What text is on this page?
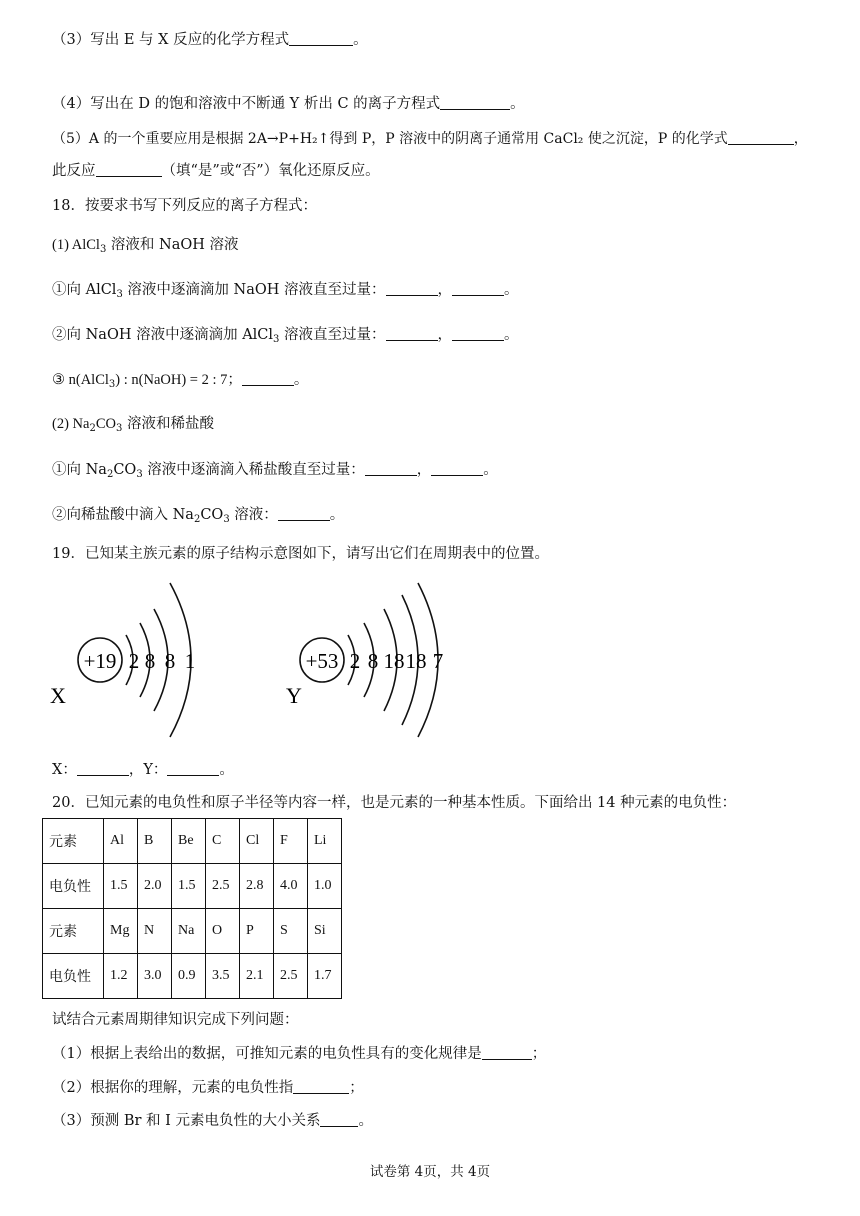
（3）写出 E 与 X 反应的化学方程式	。
（4）写出在 D 的饱和溶液中不断通 Y 析出 C 的离子方程式	。
（5）A 的一个重要应用是根据 2A→P+H₂↑得到 P，P 溶液中的阴离子通常用 CaCl₂ 使之沉淀，P 的化学式	，
此反应	（填“是”或“否”）氧化还原反应。
18．按要求书写下列反应的离子方程式：
(1) AlCl$_3$ 溶液和 NaOH 溶液
①向 AlCl$_3$ 溶液中逐滴滴加 NaOH 溶液直至过量：	，	。
②向 NaOH 溶液中逐滴滴加 AlCl$_3$ 溶液直至过量：	，	。
③ n(AlCl$_3$) : n(NaOH) = 2 : 7；	。
(2) $Na_2CO_3$ 溶液和稀盐酸
①向 $Na_2CO_3$ 溶液中逐滴滴入稀盐酸直至过量：	，	。
②向稀盐酸中滴入 $Na_2CO_3$ 溶液：	。
19．已知某主族元素的原子结构示意图如下，请写出它们在周期表中的位置。
+19 2 8 8 1
X
+53 2 8 18 18 7
Y
X：	，Y：	。
20．已知元素的电负性和原子半径等内容一样，也是元素的一种基本性质。下面给出 14 种元素的电负性：
元素	Al	B	Be	C	Cl	F	Li
电负性	1.5	2.0	1.5	2.5	2.8	4.0	1.0
元素	Mg	N	Na	O	P	S	Si
电负性	1.2	3.0	0.9	3.5	2.1	2.5	1.7
试结合元素周期律知识完成下列问题：
（1）根据上表给出的数据，可推知元素的电负性具有的变化规律是	；
（2）根据你的理解，元素的电负性指	；
（3）预测 Br 和 I 元素电负性的大小关系	。
试卷第 4页，共 4页
